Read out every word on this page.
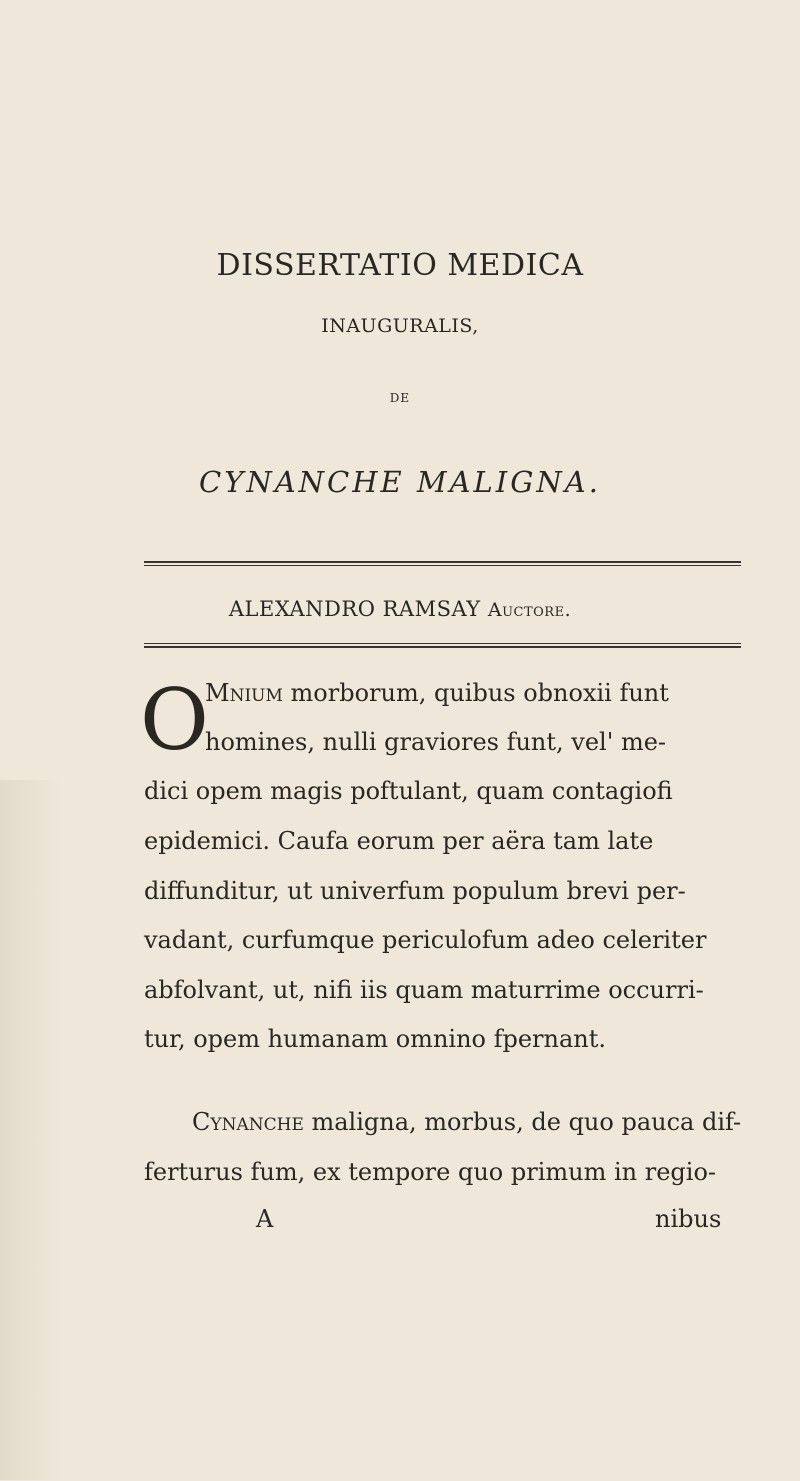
DISSERTATIO MEDICA
INAUGURALIS,
DE
CYNANCHE MALIGNA.
ALEXANDRO RAMSAY Auctore.
O
Mnium morborum, quibus obnoxii funt
homines, nulli graviores funt, vel' me-
dici opem magis poftulant, quam contagiofi
epidemici. Caufa eorum per aëra tam late
diffunditur, ut univerfum populum brevi per-
vadant, curfumque periculofum adeo celeriter
abfolvant, ut, nifi iis quam maturrime occurri-
tur, opem humanam omnino fpernant.
Cynanche maligna, morbus, de quo pauca dif-
ferturus fum, ex tempore quo primum in regio-
A	nibus
